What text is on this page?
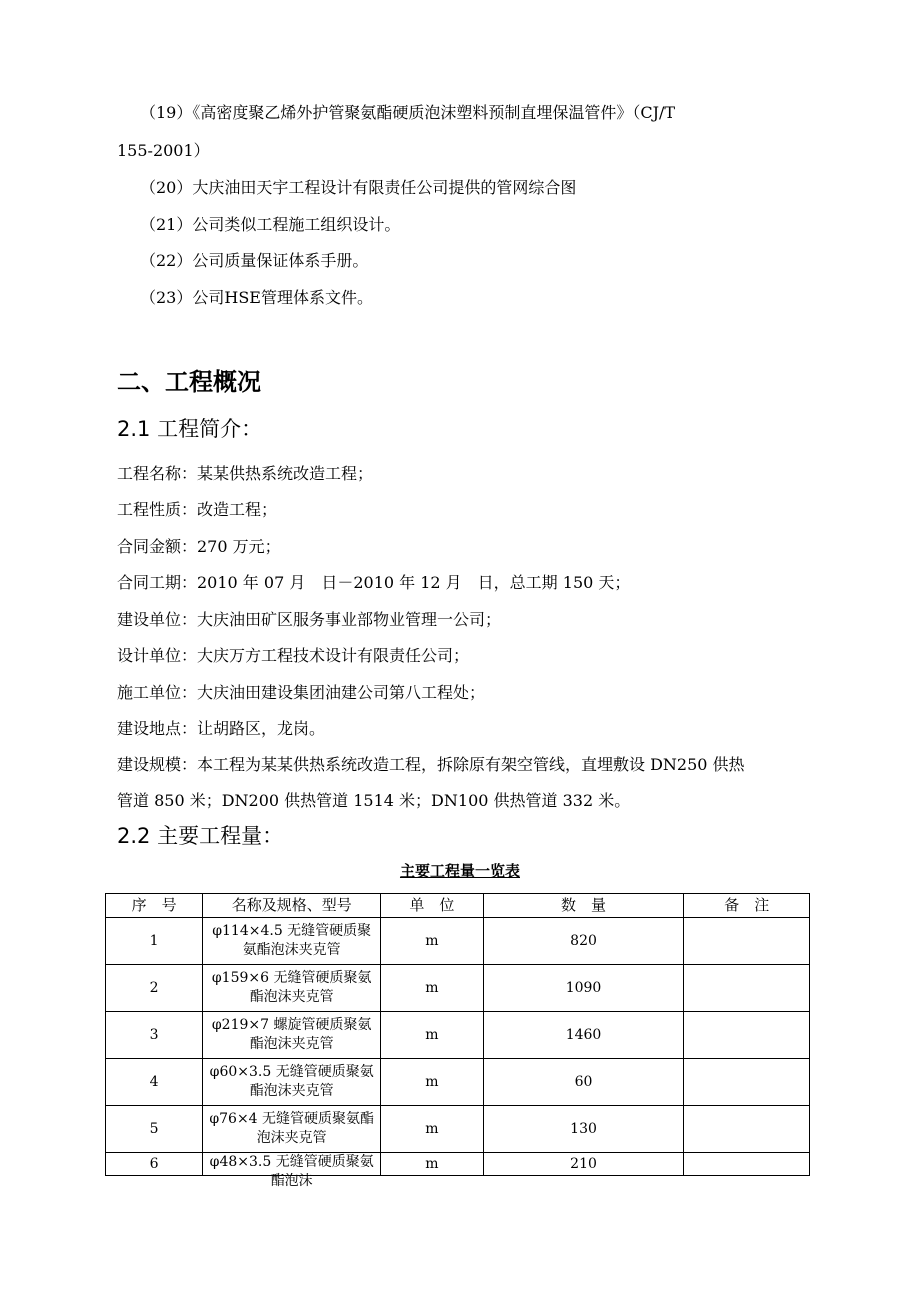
（19）《高密度聚乙烯外护管聚氨酯硬质泡沫塑料预制直埋保温管件》（CJ/T
155-2001）
（20）大庆油田天宇工程设计有限责任公司提供的管网综合图
（21）公司类似工程施工组织设计。
（22）公司质量保证体系手册。
（23）公司HSE管理体系文件。
二、工程概况
2.1 工程简介：
工程名称：某某供热系统改造工程；
工程性质：改造工程；
合同金额：270 万元；
合同工期：2010 年 07 月　日－2010 年 12 月　日，总工期 150 天；
建设单位：大庆油田矿区服务事业部物业管理一公司；
设计单位：大庆万方工程技术设计有限责任公司；
施工单位：大庆油田建设集团油建公司第八工程处；
建设地点：让胡路区，龙岗。
建设规模：本工程为某某供热系统改造工程，拆除原有架空管线，直埋敷设 DN250 供热
管道 850 米；DN200 供热管道 1514 米；DN100 供热管道 332 米。
2.2 主要工程量：
主要工程量一览表
序　号	名称及规格、型号	单　位	数　量	备　注
1	φ114×4.5 无缝管硬质聚氨酯泡沫夹克管	m	820	
2	φ159×6 无缝管硬质聚氨酯泡沫夹克管	m	1090	
3	φ219×7 螺旋管硬质聚氨酯泡沫夹克管	m	1460	
4	φ60×3.5 无缝管硬质聚氨酯泡沫夹克管	m	60	
5	φ76×4 无缝管硬质聚氨酯泡沫夹克管	m	130	
6	φ48×3.5 无缝管硬质聚氨酯泡沫	m	210	
